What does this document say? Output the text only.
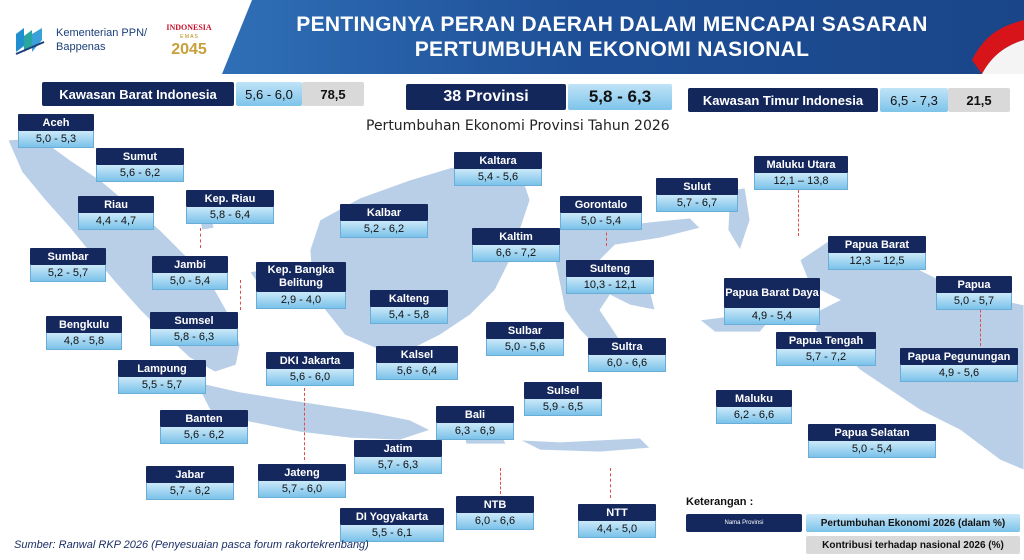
Kementerian PPN/
Bappenas
INDONESIA
E M A S
2045
PENTINGNYA PERAN DAERAH DALAM MENCAPAI SASARAN
PERTUMBUHAN EKONOMI NASIONAL
Kawasan Barat Indonesia	5,6 - 6,0	78,5	38 Provinsi	5,8 - 6,3	Kawasan Timur Indonesia	6,5 - 7,3	21,5
Pertumbuhan Ekonomi Provinsi Tahun 2026
Aceh
5,0 - 5,3
Sumut
5,6 - 6,2
Riau
4,4 - 4,7
Kep. Riau
5,8 - 6,4
Sumbar
5,2 - 5,7
Jambi
5,0 - 5,4
Kep. Bangka Belitung
2,9 - 4,0
Bengkulu
4,8 - 5,8
Sumsel
5,8 - 6,3
Lampung
5,5 - 5,7
DKI Jakarta
5,6 - 6,0
Banten
5,6 - 6,2
Jabar
5,7 - 6,2
Jateng
5,7 - 6,0
DI Yogyakarta
5,5 - 6,1
Jatim
5,7 - 6,3
Bali
6,3 - 6,9
NTB
6,0 - 6,6
NTT
4,4 - 5,0
Kalbar
5,2 - 6,2
Kalteng
5,4 - 5,8
Kalsel
5,6 - 6,4
Kaltim
6,6 - 7,2
Kaltara
5,4 - 5,6
Gorontalo
5,0 - 5,4
Sulut
5,7 - 6,7
Sulteng
10,3 - 12,1
Sulbar
5,0 - 5,6	Sultra
6,0 - 6,6
Sulsel
5,9 - 6,5
Maluku Utara
12,1 – 13,8
Maluku
6,2 - 6,6
Papua Barat
12,3 – 12,5
Papua Barat Daya
4,9 - 5,4
Papua
5,0 - 5,7
Papua Tengah
5,7 - 7,2	Papua Pegunungan
4,9 - 5,6
Papua Selatan
5,0 - 5,4
Keterangan :
Nama Provinsi	Pertumbuhan Ekonomi 2026 (dalam %)
Kontribusi terhadap nasional 2026 (%)
Sumber: Ranwal RKP 2026 (Penyesuaian pasca forum rakortekrenbang)
